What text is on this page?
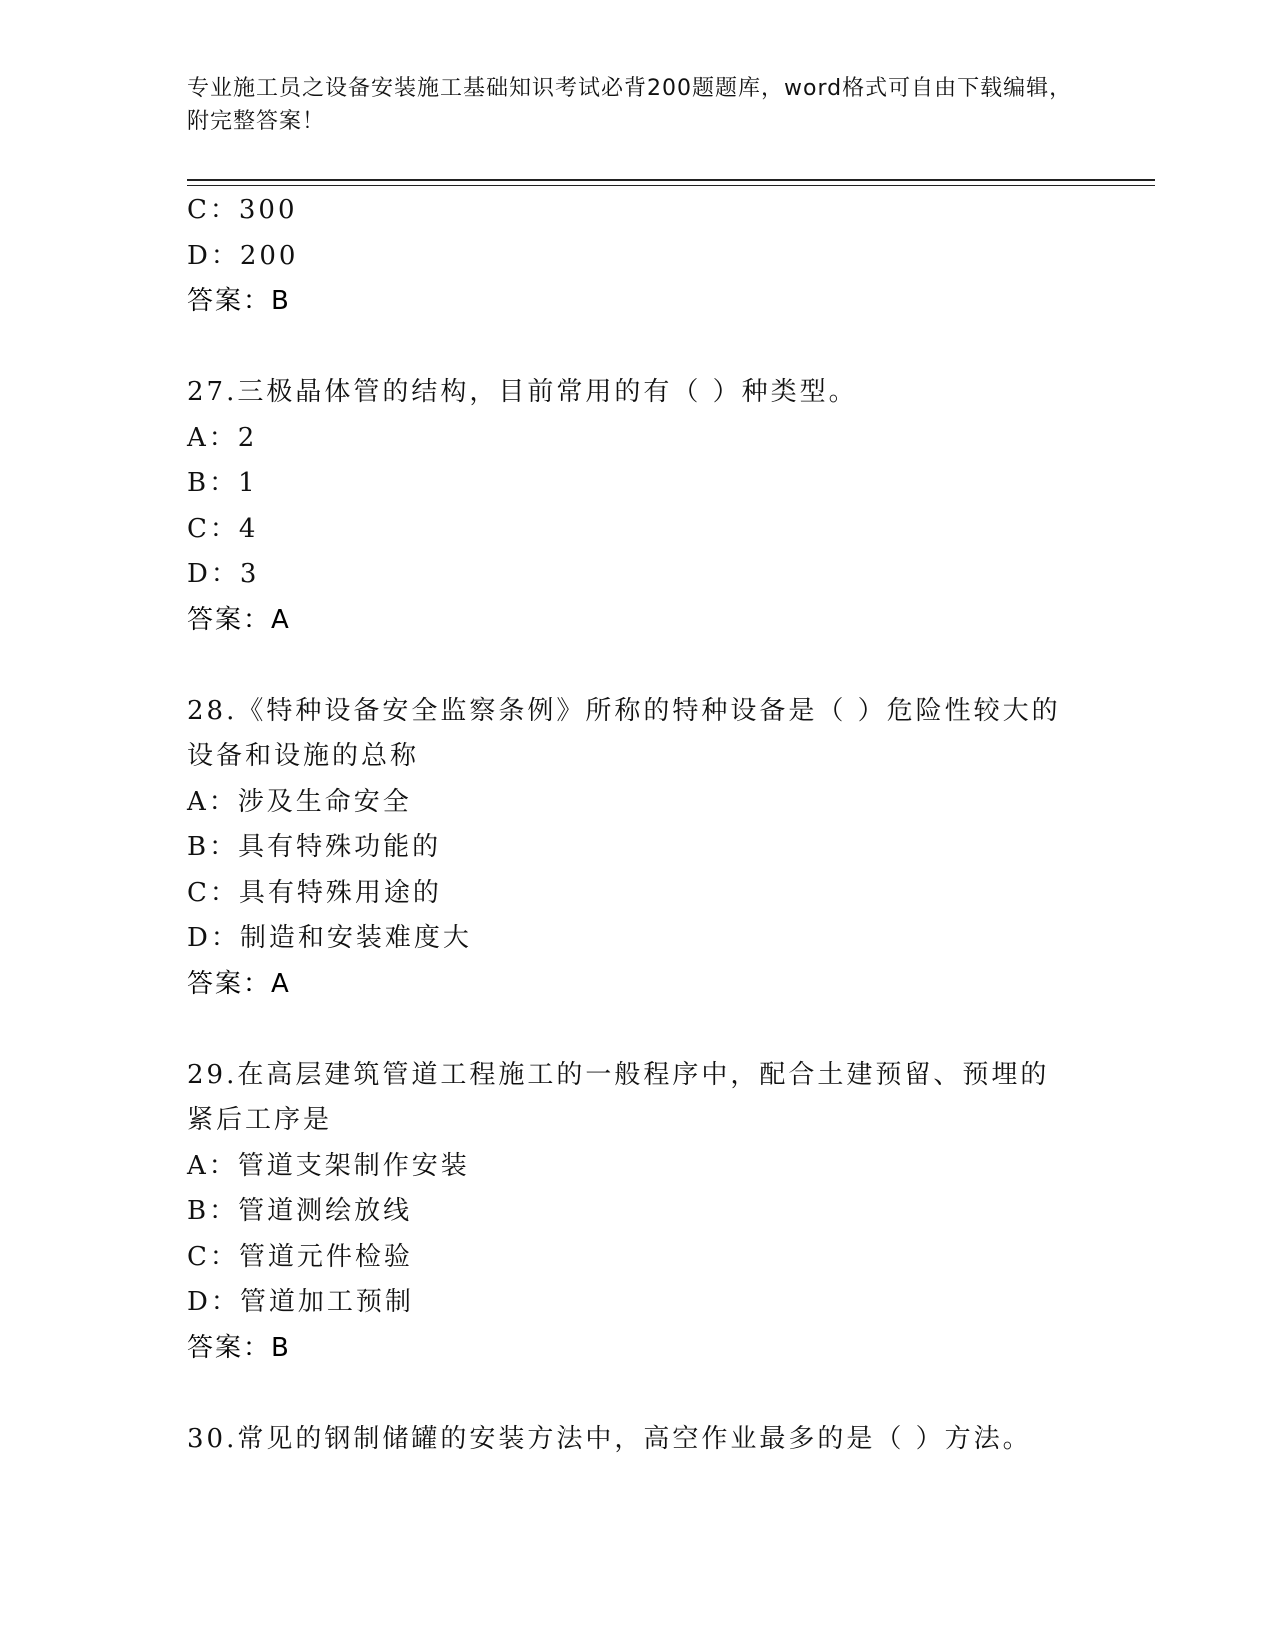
专业施工员之设备安装施工基础知识考试必背200题题库，word格式可自由下载编辑，附完整答案！
C：300
D：200
答案：B
27.三极晶体管的结构，目前常用的有（ ）种类型。
A：2
B：1
C：4
D：3
答案：A
28.《特种设备安全监察条例》所称的特种设备是（ ）危险性较大的设备和设施的总称
A：涉及生命安全
B：具有特殊功能的
C：具有特殊用途的
D：制造和安装难度大
答案：A
29.在高层建筑管道工程施工的一般程序中，配合土建预留、预埋的紧后工序是
A：管道支架制作安装
B：管道测绘放线
C：管道元件检验
D：管道加工预制
答案：B
30.常见的钢制储罐的安装方法中，高空作业最多的是（ ）方法。
